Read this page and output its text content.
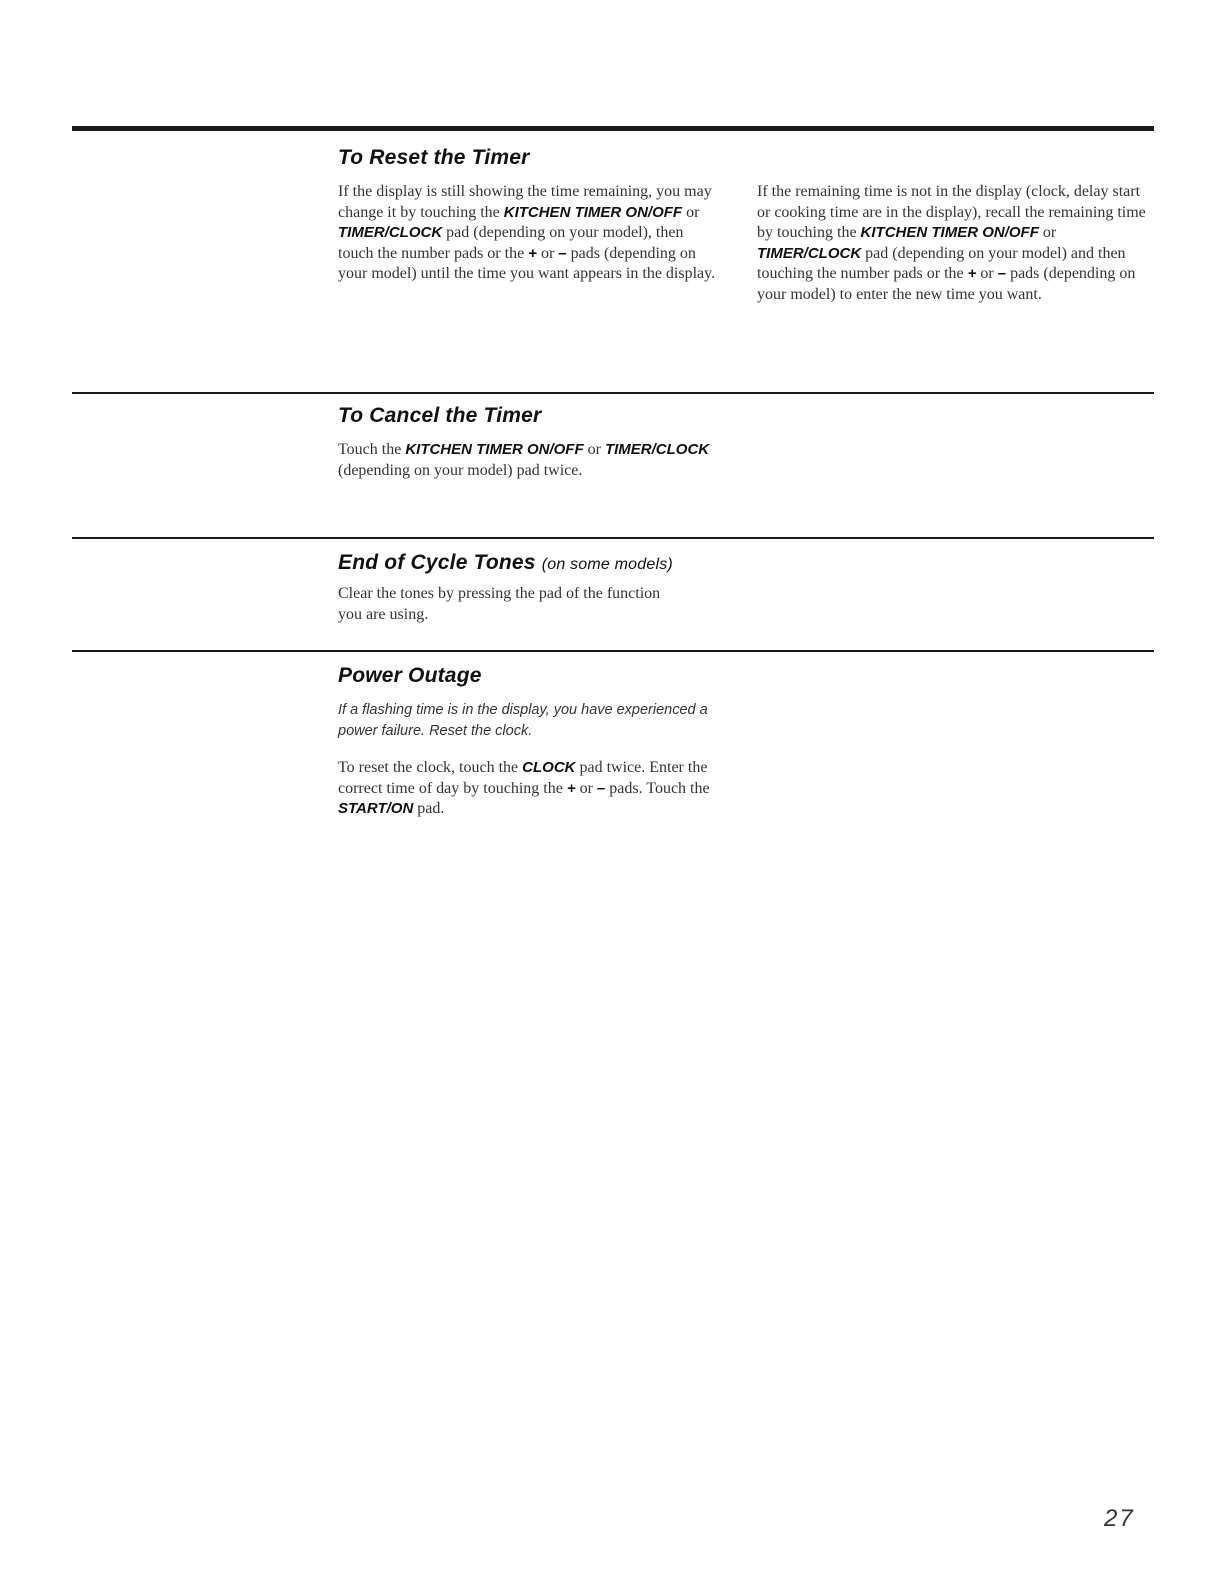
To Reset the Timer

If the display is still showing the time remaining, you may change it by touching the KITCHEN TIMER ON/OFF or TIMER/CLOCK pad (depending on your model), then touch the number pads or the + or – pads (depending on your model) until the time you want appears in the display.

If the remaining time is not in the display (clock, delay start or cooking time are in the display), recall the remaining time by touching the KITCHEN TIMER ON/OFF or TIMER/CLOCK pad (depending on your model) and then touching the number pads or the + or – pads (depending on your model) to enter the new time you want.

To Cancel the Timer

Touch the KITCHEN TIMER ON/OFF or TIMER/CLOCK (depending on your model) pad twice.

End of Cycle Tones (on some models)

Clear the tones by pressing the pad of the function you are using.

Power Outage

If a flashing time is in the display, you have experienced a power failure. Reset the clock.

To reset the clock, touch the CLOCK pad twice. Enter the correct time of day by touching the + or – pads. Touch the START/ON pad.

27
